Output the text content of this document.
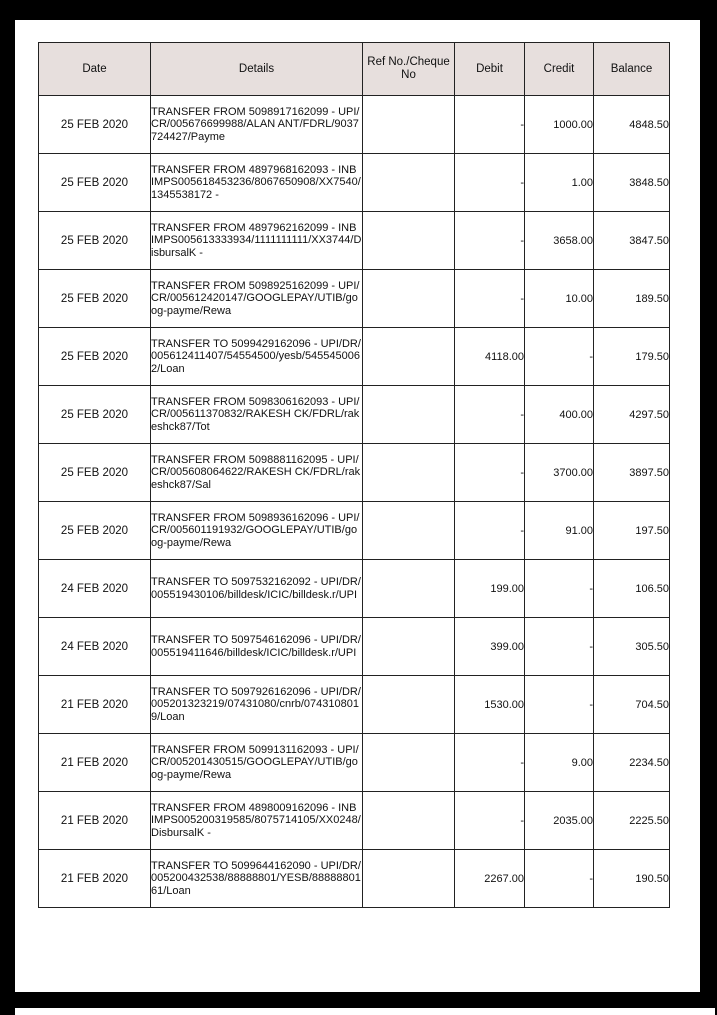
Date	Details	Ref No./Cheque No	Debit	Credit	Balance
25 FEB 2020	TRANSFER FROM 5098917162099 - UPI/CR/005676699988/ALAN ANT/FDRL/9037724427/Payme		-	1000.00	4848.50
25 FEB 2020	TRANSFER FROM 4897968162093 - INB IMPS005618453236/8067650908/XX7540/1345538172 -		-	1.00	3848.50
25 FEB 2020	TRANSFER FROM 4897962162099 - INB IMPS005613333934/1111111111/XX3744/DisbursalK -		-	3658.00	3847.50
25 FEB 2020	TRANSFER FROM 5098925162099 - UPI/CR/005612420147/GOOGLEPAY/UTIB/goog-payme/Rewa		-	10.00	189.50
25 FEB 2020	TRANSFER TO 5099429162096 - UPI/DR/005612411407/54554500/yesb/5455450062/Loan		4118.00	-	179.50
25 FEB 2020	TRANSFER FROM 5098306162093 - UPI/CR/005611370832/RAKESH CK/FDRL/rakeshck87/Tot		-	400.00	4297.50
25 FEB 2020	TRANSFER FROM 5098881162095 - UPI/CR/005608064622/RAKESH CK/FDRL/rakeshck87/Sal		-	3700.00	3897.50
25 FEB 2020	TRANSFER FROM 5098936162096 - UPI/CR/005601191932/GOOGLEPAY/UTIB/goog-payme/Rewa		-	91.00	197.50
24 FEB 2020	TRANSFER TO 5097532162092 - UPI/DR/005519430106/billdesk/ICIC/billdesk.r/UPI		199.00	-	106.50
24 FEB 2020	TRANSFER TO 5097546162096 - UPI/DR/005519411646/billdesk/ICIC/billdesk.r/UPI		399.00	-	305.50
21 FEB 2020	TRANSFER TO 5097926162096 - UPI/DR/005201323219/07431080/cnrb/0743108019/Loan		1530.00	-	704.50
21 FEB 2020	TRANSFER FROM 5099131162093 - UPI/CR/005201430515/GOOGLEPAY/UTIB/goog-payme/Rewa		-	9.00	2234.50
21 FEB 2020	TRANSFER FROM 4898009162096 - INB IMPS005200319585/8075714105/XX0248/DisbursalK -		-	2035.00	2225.50
21 FEB 2020	TRANSFER TO 5099644162090 - UPI/DR/005200432538/88888801/YESB/8888880161/Loan		2267.00	-	190.50
